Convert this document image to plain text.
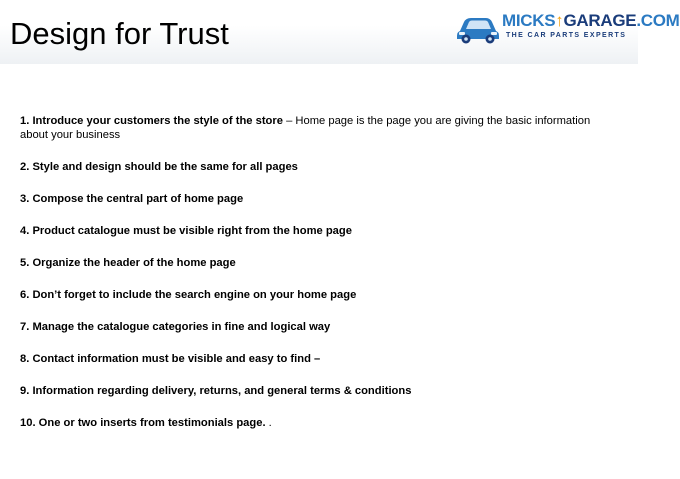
Design for Trust	MICKS↑GARAGE.COM
THE CAR PARTS EXPERTS
1. Introduce your customers the style of the store – Home page is the page you are giving the basic information about your business
2. Style and design should be the same for all pages
3. Compose the central part of home page
4. Product catalogue must be visible right from the home page
5. Organize the header of the home page
6. Don’t forget to include the search engine on your home page
7. Manage the catalogue categories in fine and logical way
8. Contact information must be visible and easy to find –
9. Information regarding delivery, returns, and general terms & conditions
10. One or two inserts from testimonials page. .
